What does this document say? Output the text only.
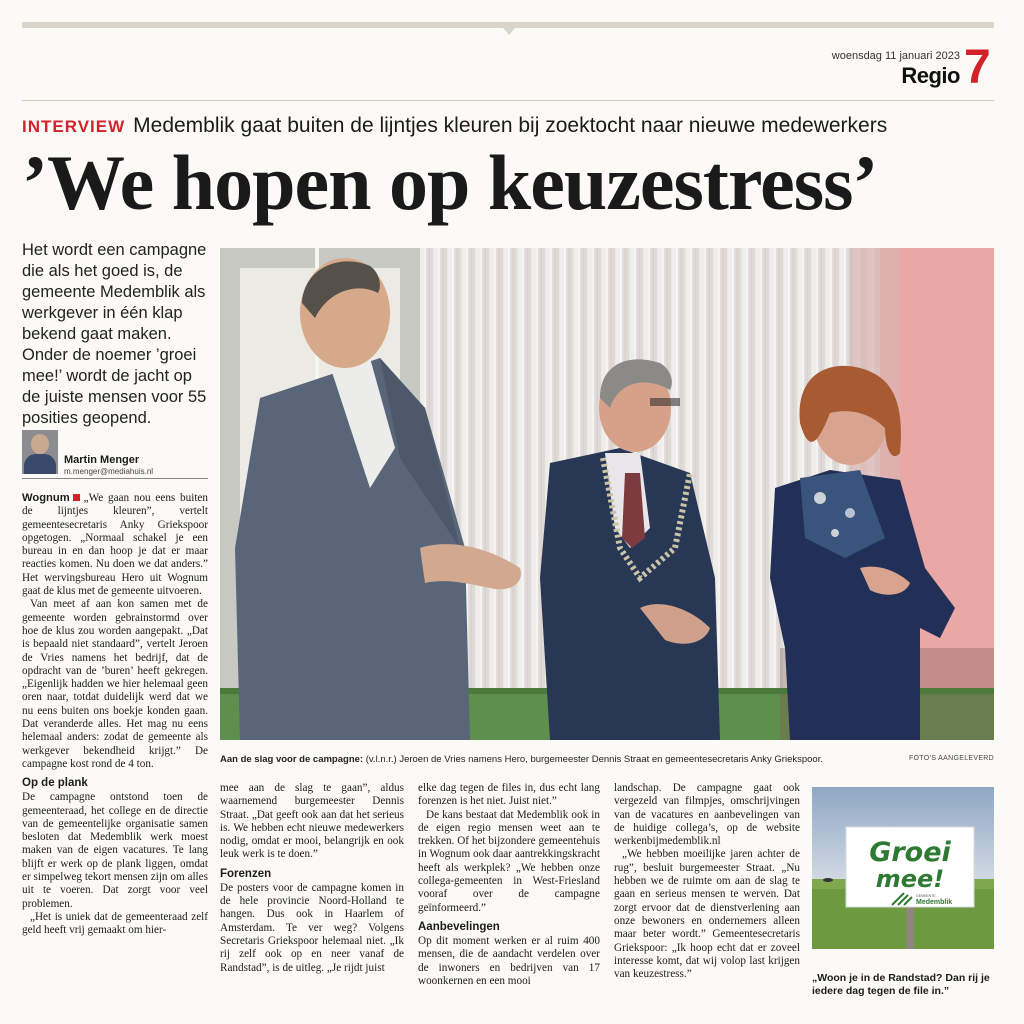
woensdag 11 januari 2023
Regio 7
INTERVIEW Medemblik gaat buiten de lijntjes kleuren bij zoektocht naar nieuwe medewerkers
’We hopen op keuzestress’
Het wordt een campagne die als het goed is, de gemeente Medemblik als werkgever in één klap bekend gaat maken. Onder de noemer ’groei mee!’ wordt de jacht op de juiste mensen voor 55 posities geopend.
Martin Menger
m.menger@mediahuis.nl

Wognum „We gaan nou eens buiten de lijntjes kleuren”, vertelt gemeentesecretaris Anky Griekspoor opgetogen. „Normaal schakel je een bureau in en dan hoop je dat er maar reacties komen. Nu doen we dat anders.” Het wervingsbureau Hero uit Wognum gaat de klus met de gemeente uitvoeren.

Van meet af aan kon samen met de gemeente worden gebrainstormd over hoe de klus zou worden aangepakt. „Dat is bepaald niet standaard”, vertelt Jeroen de Vries namens het bedrijf, dat de opdracht van de ’buren’ heeft gekregen. „Eigenlijk hadden we hier helemaal geen oren naar, totdat duidelijk werd dat we nu eens buiten ons boekje konden gaan. Dat veranderde alles. Het mag nu eens helemaal anders: zodat de gemeente als werkgever bekendheid krijgt.” De campagne kost rond de 4 ton.

Op de plank

De campagne ontstond toen de gemeenteraad, het college en de directie van de gemeentelijke organisatie samen besloten dat Medemblik werk moest maken van de eigen vacatures. Te lang blijft er werk op de plank liggen, omdat er simpelweg tekort mensen zijn om alles uit te voeren. Dat zorgt voor veel problemen.

„Het is uniek dat de gemeenteraad zelf geld heeft vrij gemaakt om hier-

Aan de slag voor de campagne: (v.l.n.r.) Jeroen de Vries namens Hero, burgemeester Dennis Straat en gemeentesecretaris Anky Griekspoor.	FOTO’S AANGELEVERD

mee aan de slag te gaan”, aldus waarnemend burgemeester Dennis Straat. „Dat geeft ook aan dat het serieus is. We hebben echt nieuwe medewerkers nodig, omdat er mooi, belangrijk en ook leuk werk is te doen.”

Forenzen

De posters voor de campagne komen in de hele provincie Noord-Holland te hangen. Dus ook in Haarlem of Amsterdam. Te ver weg? Volgens Secretaris Griekspoor helemaal niet. „Ik rij zelf ook op en neer vanaf de Randstad”, is de uitleg. „Je rijdt juist

elke dag tegen de files in, dus echt lang forenzen is het niet. Juist niet.”

De kans bestaat dat Medemblik ook in de eigen regio mensen weet aan te trekken. Of het bijzondere gemeentehuis in Wognum ook daar aantrekkingskracht heeft als werkplek? „We hebben onze collega-gemeenten in West-Friesland vooraf over de campagne geïnformeerd.”

Aanbevelingen

Op dit moment werken er al ruim 400 mensen, die de aandacht verdelen over de inwoners en bedrijven van 17 woonkernen en een mooi

landschap. De campagne gaat ook vergezeld van filmpjes, omschrijvingen van de vacatures en aanbevelingen van de huidige collega’s, op de website werkenbijmedemblik.nl

„We hebben moeilijke jaren achter de rug”, besluit burgemeester Straat. „Nu hebben we de ruimte om aan de slag te gaan en serieus mensen te werven. Dat zorgt ervoor dat de dienstverlening aan onze bewoners en ondernemers alleen maar beter wordt.” Gemeentesecretaris Griekspoor: „Ik hoop echt dat er zoveel interesse komt, dat wij volop last krijgen van keuzestress.”

Groei
mee!
GEMEENTE
Medemblik
„Woon je in de Randstad? Dan rij je iedere dag tegen de file in.”
